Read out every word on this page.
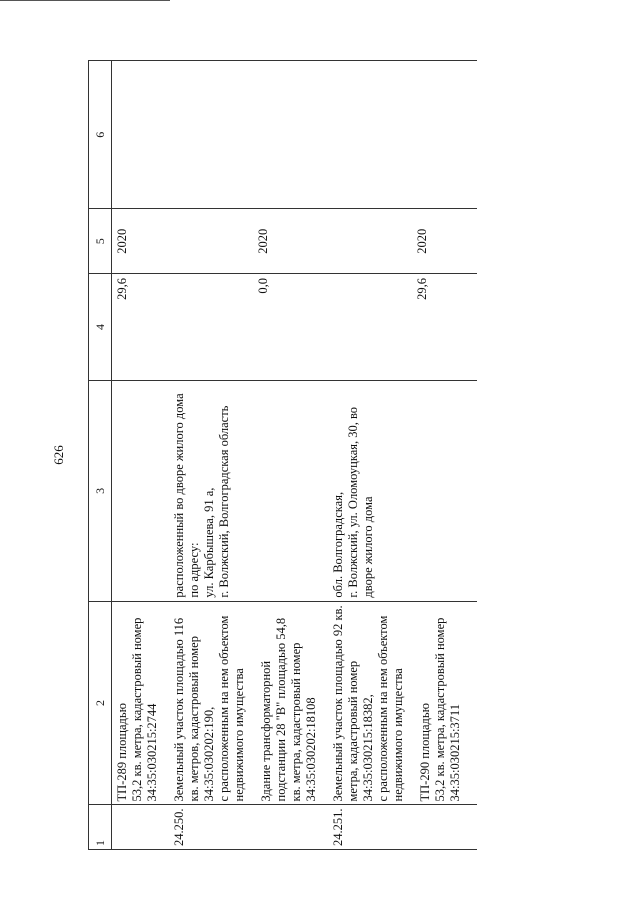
626
1	2	3	4	5	6
	ТП-289 площадью
53,2 кв. метра, кадастровый номер 34:35:030215:2744		29,6	2020	
24.250.	Земельный участок площадью 116 кв. метров, кадастровый номер 34:35:030202:190,
с расположенным на нем объектом недвижимого имущества	расположенный во дворе жилого дома по адресу:
ул. Карбышева, 91 а,
г. Волжский, Волгоградская область			
	Здание трансформаторной подстанции 28 "В" площадью 54,8 кв. метра, кадастровый номер 34:35:030202:18108		0,0	2020	
24.251.	Земельный участок площадью 92 кв. метра, кадастровый номер 34:35:030215:18382,
с расположенным на нем объектом недвижимого имущества	обл. Волгоградская,
г. Волжский, ул. Оломоуцкая, 30, во дворе жилого дома			
	ТП-290 площадью
53,2 кв. метра, кадастровый номер 34:35:030215:3711		29,6	2020	
